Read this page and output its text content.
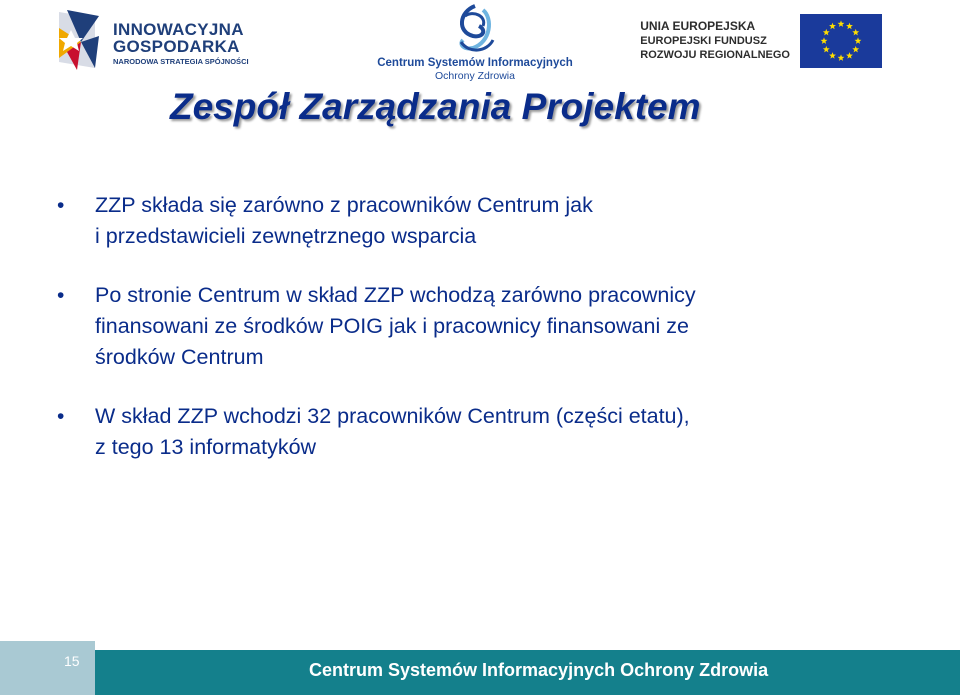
INNOWACYJNA
GOSPODARKA
NARODOWA STRATEGIA SPÓJNOŚCI	Centrum Systemów Informacyjnych
Ochrony Zdrowia
UNIA EUROPEJSKA
EUROPEJSKI FUNDUSZ
ROZWOJU REGIONALNEGO
Zespół Zarządzania Projektem
• ZZP składa się zarówno z pracowników Centrum jak
i przedstawicieli zewnętrznego wsparcia
• Po stronie Centrum w skład ZZP wchodzą zarówno pracownicy
finansowani ze środków POIG jak i pracownicy finansowani ze
środków Centrum
• W skład ZZP wchodzi 32 pracowników Centrum (części etatu),
z tego 13 informatyków
15	Centrum Systemów Informacyjnych Ochrony Zdrowia
